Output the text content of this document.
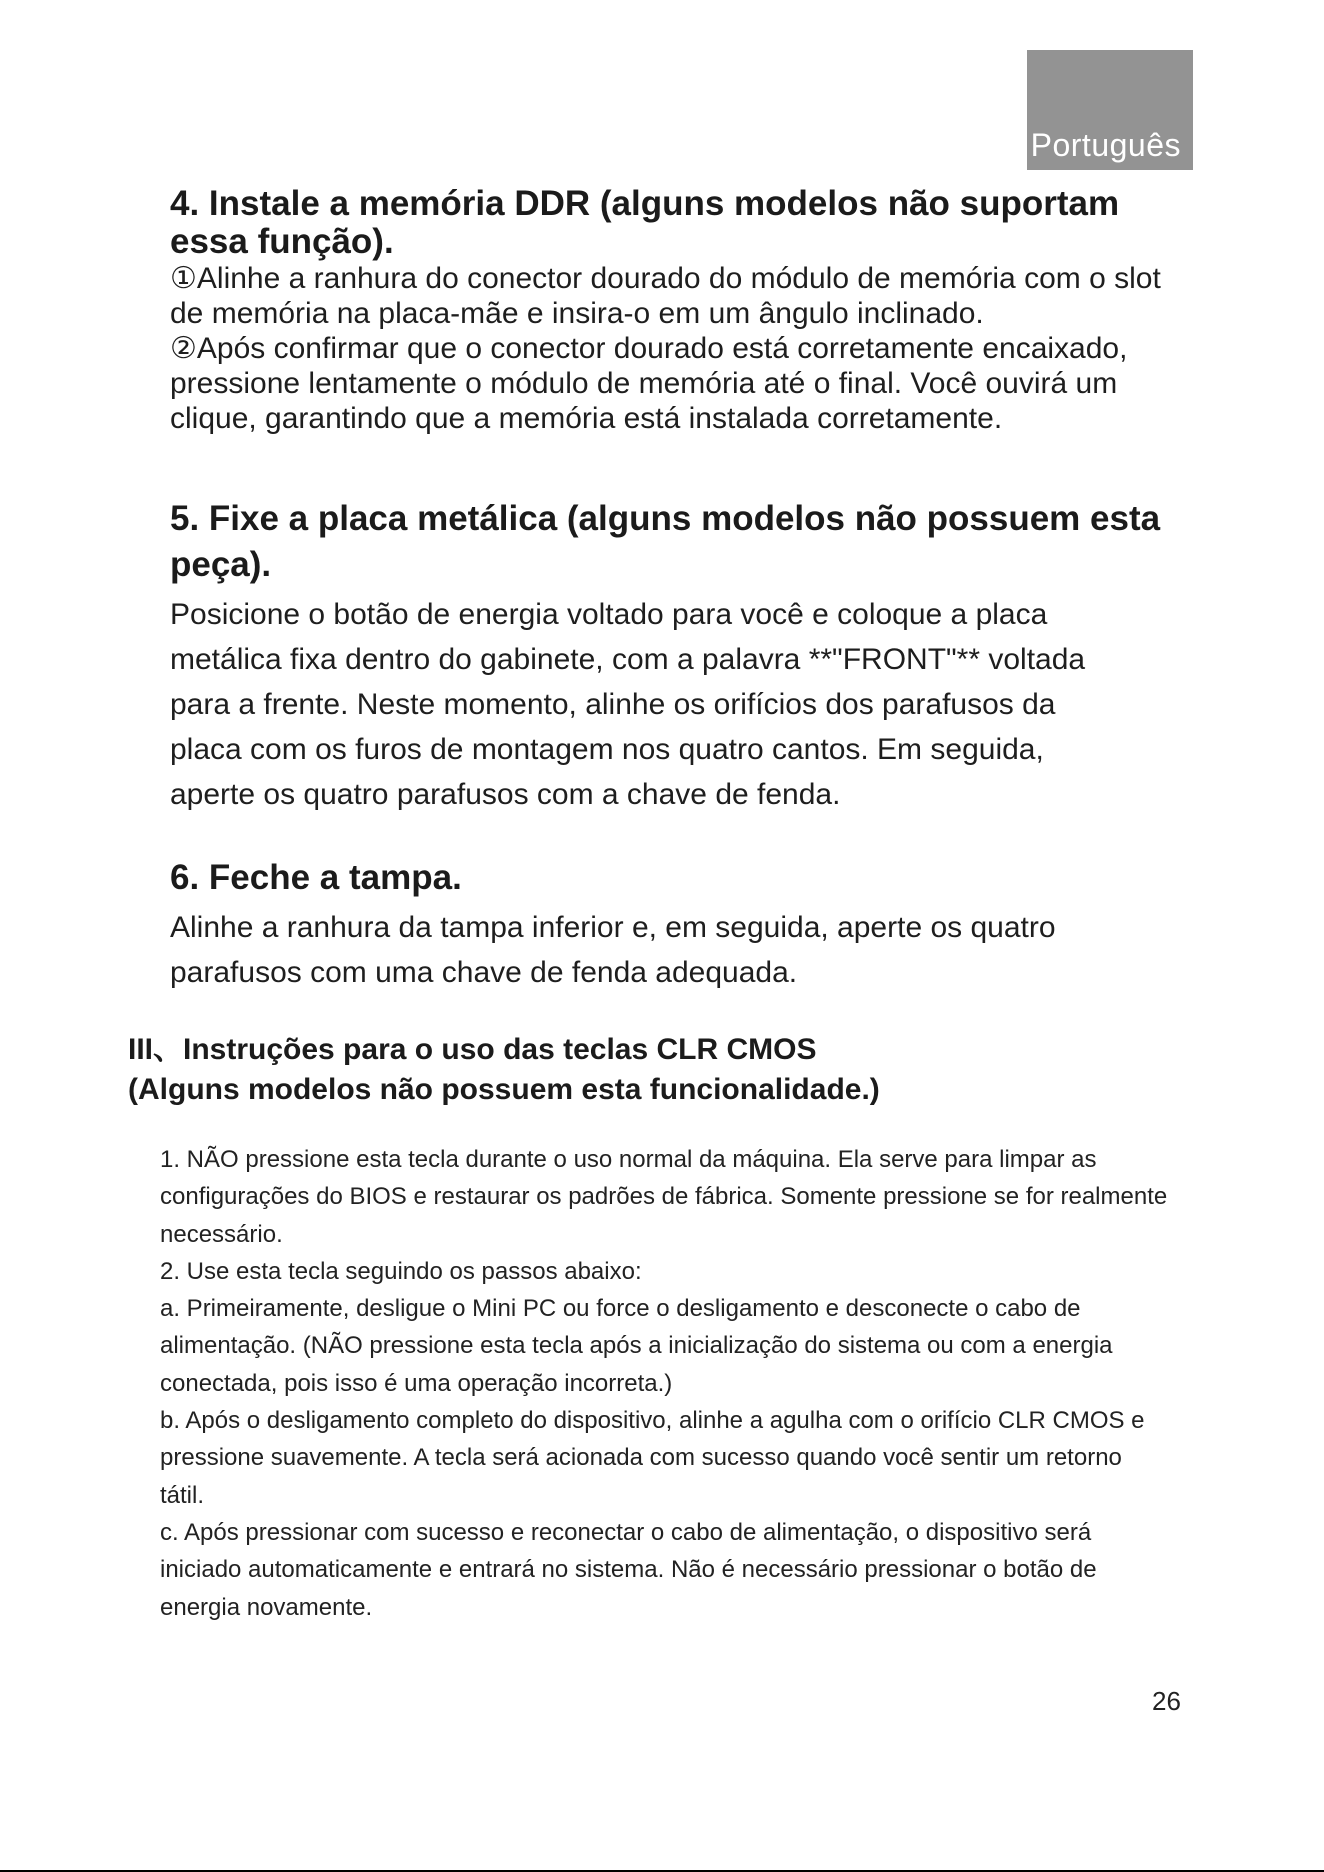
Português
4. Instale a memória DDR (alguns modelos não suportam essa função).

①Alinhe a ranhura do conector dourado do módulo de memória com o slot

de memória na placa-mãe e insira-o em um ângulo inclinado.

②Após confirmar que o conector dourado está corretamente encaixado,

pressione lentamente o módulo de memória até o final. Você ouvirá um

clique, garantindo que a memória está instalada corretamente.

5. Fixe a placa metálica (alguns modelos não possuem esta peça).

Posicione o botão de energia voltado para você e coloque a placa

metálica fixa dentro do gabinete, com a palavra **"FRONT"** voltada

para a frente. Neste momento, alinhe os orifícios dos parafusos da

placa com os furos de montagem nos quatro cantos. Em seguida,

aperte os quatro parafusos com a chave de fenda.

6. Feche a tampa.

Alinhe a ranhura da tampa inferior e, em seguida, aperte os quatro

parafusos com uma chave de fenda adequada.

III、Instruções para o uso das teclas CLR CMOS
(Alguns modelos não possuem esta funcionalidade.)

1. NÃO pressione esta tecla durante o uso normal da máquina. Ela serve para limpar as

configurações do BIOS e restaurar os padrões de fábrica. Somente pressione se for realmente

necessário.

2. Use esta tecla seguindo os passos abaixo:

a. Primeiramente, desligue o Mini PC ou force o desligamento e desconecte o cabo de

alimentação. (NÃO pressione esta tecla após a inicialização do sistema ou com a energia

conectada, pois isso é uma operação incorreta.)

b. Após o desligamento completo do dispositivo, alinhe a agulha com o orifício CLR CMOS e

pressione suavemente. A tecla será acionada com sucesso quando você sentir um retorno

tátil.

c. Após pressionar com sucesso e reconectar o cabo de alimentação, o dispositivo será

iniciado automaticamente e entrará no sistema. Não é necessário pressionar o botão de

energia novamente.

26
